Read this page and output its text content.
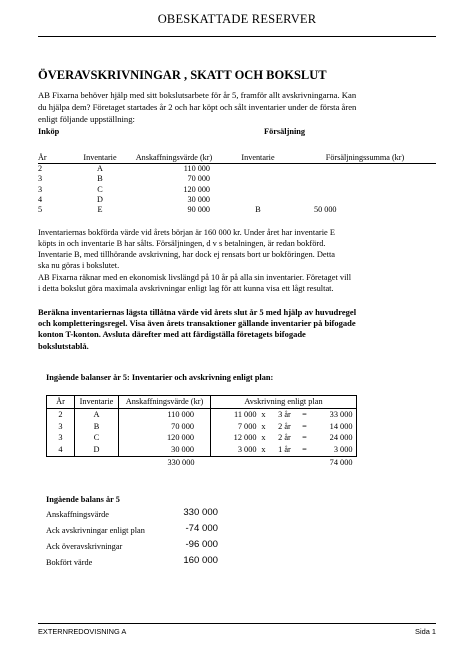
OBESKATTADE RESERVER
ÖVERAVSKRIVNINGAR , SKATT OCH BOKSLUT
AB Fixarna behöver hjälp med sitt bokslutsarbete för år 5, framför allt avskrivningarna. Kan
du hjälpa dem? Företaget startades år 2 och har köpt och sålt inventarier under de första åren
enligt följande uppställning:
Inköp	Försäljning
År	Inventarie	Anskaffningsvärde (kr)	Inventarie	Försäljningssumma (kr)
2	A	110 000		
3	B	70 000		
3	C	120 000		
4	D	30 000		
5	E	90 000	B	50 000
Inventariernas bokförda värde vid årets början är 160 000 kr. Under året har inventarie E
köpts in och inventarie B har sålts. Försäljningen, d v s betalningen, är redan bokförd.
Inventarie B, med tillhörande avskrivning, har dock ej rensats bort ur bokföringen. Detta
ska nu göras i bokslutet.
AB Fixarna räknar med en ekonomisk livslängd på 10 år på alla sin inventarier. Företaget vill
i detta bokslut göra maximala avskrivningar enligt lag för att kunna visa ett lågt resultat.
Beräkna inventariernas lägsta tillåtna värde vid årets slut år 5 med hjälp av huvudregel
och kompletteringsregel. Visa även årets transaktioner gällande inventarier på bifogade
konton T-konton. Avsluta därefter med att färdigställa företagets bifogade
bokslutstablå.
Ingående balanser år 5: Inventarier och avskrivning enligt plan:
År	Inventarie	Anskaffningsvärde (kr)	Avskrivning enligt plan						
2	A	110 000		11 000	x	3 år	=	33 000	
3	B	70 000		7 000	x	2 år	=	14 000	
3	C	120 000		12 000	x	2 år	=	24 000	
4	D	30 000		3 000	x	1 år	=	3 000	
		330 000						74 000	
Ingående balans år 5
Anskaffningsvärde	330 000
Ack avskrivningar enligt plan	-74 000
Ack överavskrivningar	-96 000
Bokfört värde	160 000
EXTERNREDOVISNING A	Sida 1
